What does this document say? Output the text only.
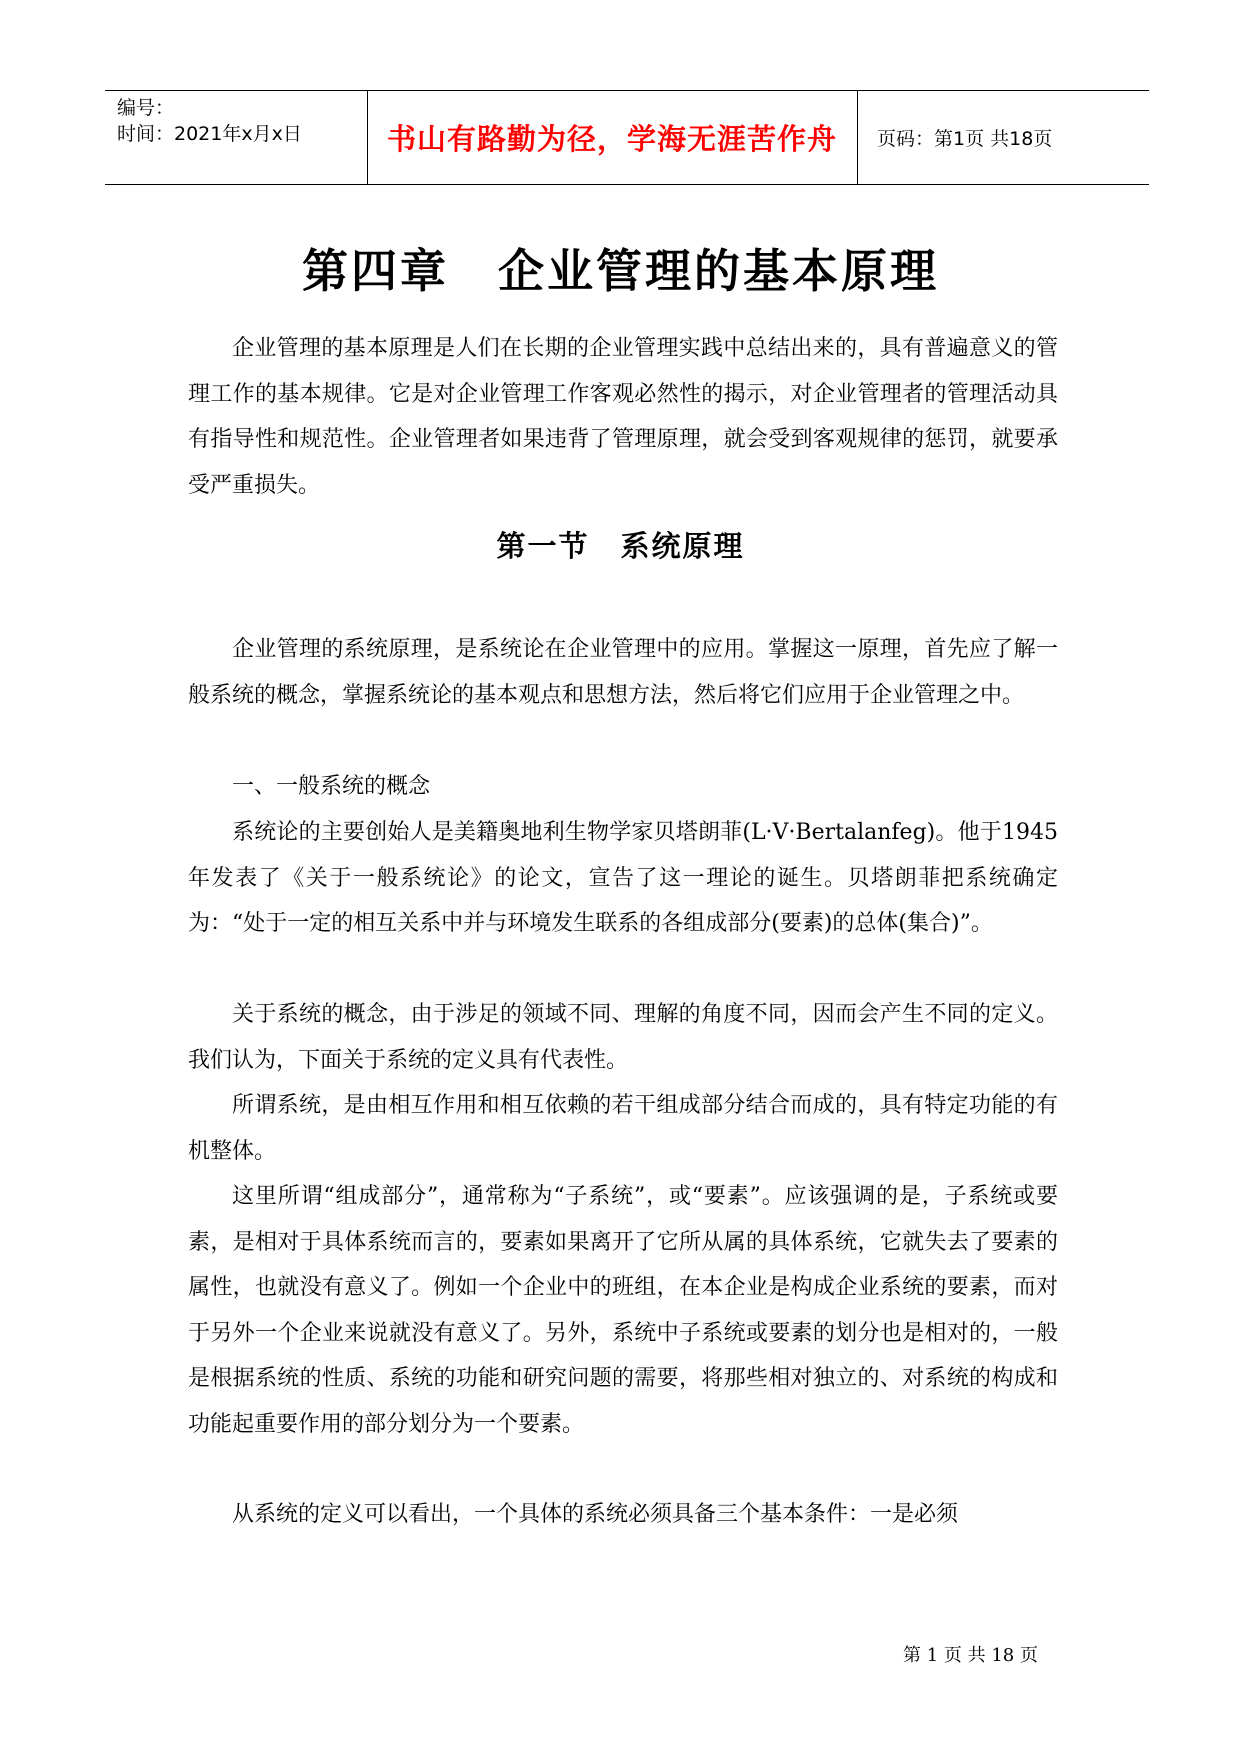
编号：
时间：2021年x月x日	书山有路勤为径，学海无涯苦作舟 页码：第1页 共18页
第四章　企业管理的基本原理

企业管理的基本原理是人们在长期的企业管理实践中总结出来的，具有普遍意义的管理工作的基本规律。它是对企业管理工作客观必然性的揭示，对企业管理者的管理活动具有指导性和规范性。企业管理者如果违背了管理原理，就会受到客观规律的惩罚，就要承受严重损失。

第一节　系统原理

企业管理的系统原理，是系统论在企业管理中的应用。掌握这一原理，首先应了解一般系统的概念，掌握系统论的基本观点和思想方法，然后将它们应用于企业管理之中。

一、一般系统的概念

系统论的主要创始人是美籍奥地利生物学家贝塔朗菲(L·V·Bertalanfeg)。他于1945年发表了《关于一般系统论》的论文，宣告了这一理论的诞生。贝塔朗菲把系统确定为：“处于一定的相互关系中并与环境发生联系的各组成部分(要素)的总体(集合)”。

关于系统的概念，由于涉足的领域不同、理解的角度不同，因而会产生不同的定义。我们认为，下面关于系统的定义具有代表性。

所谓系统，是由相互作用和相互依赖的若干组成部分结合而成的，具有特定功能的有机整体。

这里所谓“组成部分”，通常称为“子系统”，或“要素”。应该强调的是，子系统或要素，是相对于具体系统而言的，要素如果离开了它所从属的具体系统，它就失去了要素的属性，也就没有意义了。例如一个企业中的班组，在本企业是构成企业系统的要素，而对于另外一个企业来说就没有意义了。另外，系统中子系统或要素的划分也是相对的，一般是根据系统的性质、系统的功能和研究问题的需要，将那些相对独立的、对系统的构成和功能起重要作用的部分划分为一个要素。

从系统的定义可以看出，一个具体的系统必须具备三个基本条件：一是必须

第 1 页 共 18 页
